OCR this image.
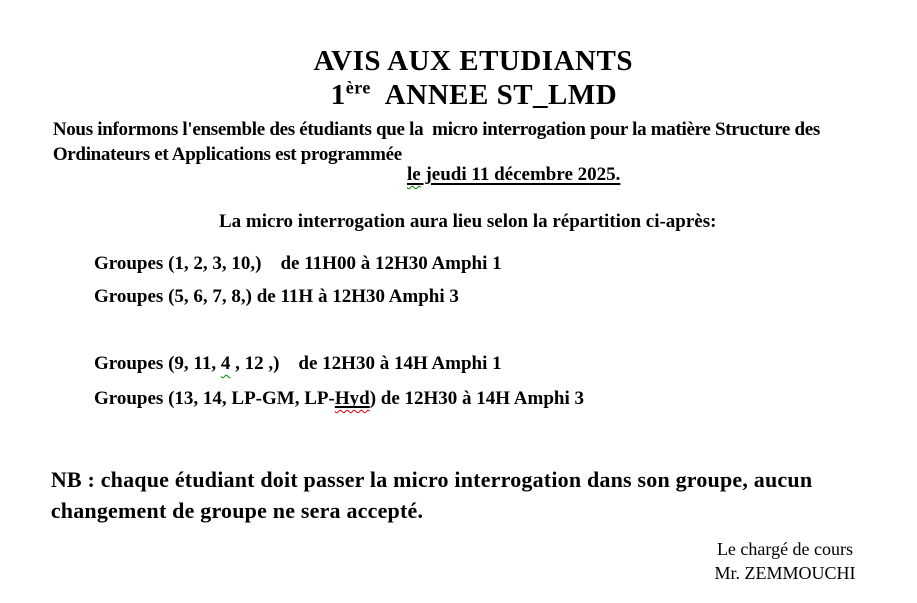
AVIS AUX ETUDIANTS

1ère  ANNEE ST_LMD

Nous informons l'ensemble des étudiants que la  micro interrogation pour la matière Structure des

Ordinateurs et Applications est programmée

le jeudi 11 décembre 2025.

La micro interrogation aura lieu selon la répartition ci-après:

Groupes (1, 2, 3, 10,)    de 11H00 à 12H30 Amphi 1

Groupes (5, 6, 7, 8,) de 11H à 12H30 Amphi 3

Groupes (9, 11, 4 , 12 ,)    de 12H30 à 14H Amphi 1

Groupes (13, 14, LP-GM, LP-Hyd) de 12H30 à 14H Amphi 3

NB : chaque étudiant doit passer la micro interrogation dans son groupe, aucun

changement de groupe ne sera accepté.

Le chargé de cours
Mr. ZEMMOUCHI
